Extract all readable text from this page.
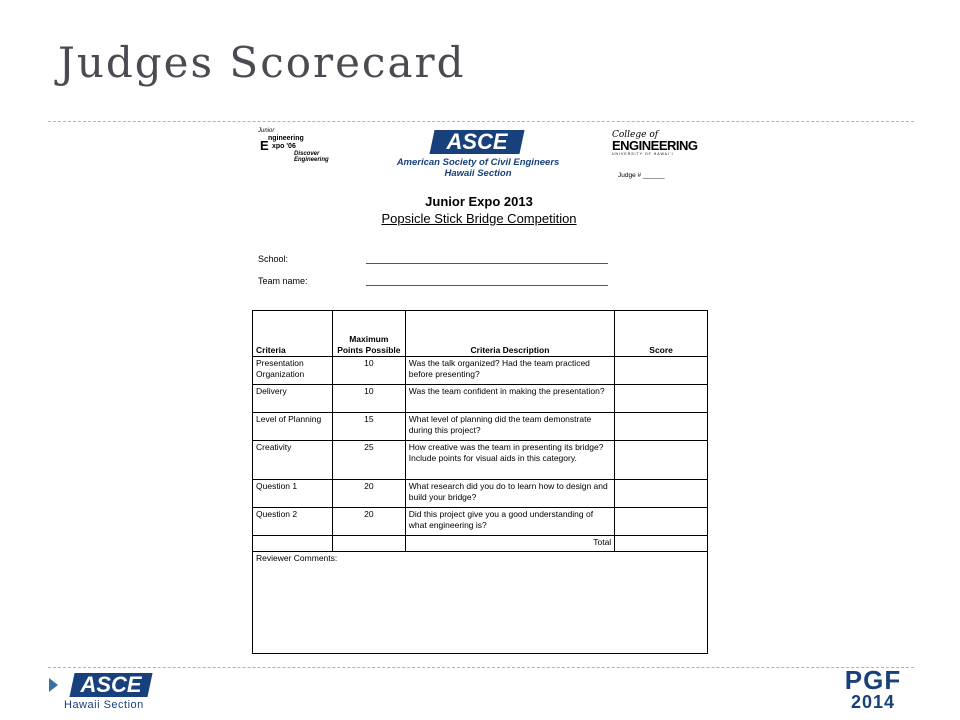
Judges Scorecard
Junior
ngineering
E xpo '06
Discover Engineering
ASCE
American Society of Civil Engineers
Hawaii Section
College of
ENGINEERING
UNIVERSITY OF HAWAI'I
Judge # ______
Junior Expo 2013
Popsicle Stick Bridge Competition
School:
Team name:
Criteria	Maximum Points Possible	Criteria Description	Score
Presentation Organization	10	Was the talk organized? Had the team practiced before presenting?	
Delivery	10	Was the team confident in making the presentation?	
Level of Planning	15	What level of planning did the team demonstrate during this project?	
Creativity	25	How creative was the team in presenting its bridge? Include points for visual aids in this category.	
Question 1	20	What research did you do to learn how to design and build your bridge?	
Question 2	20	Did this project give you a good understanding of what engineering is?	
		Total	
Reviewer Comments:			
ASCE
Hawaii Section
PGF
2014
